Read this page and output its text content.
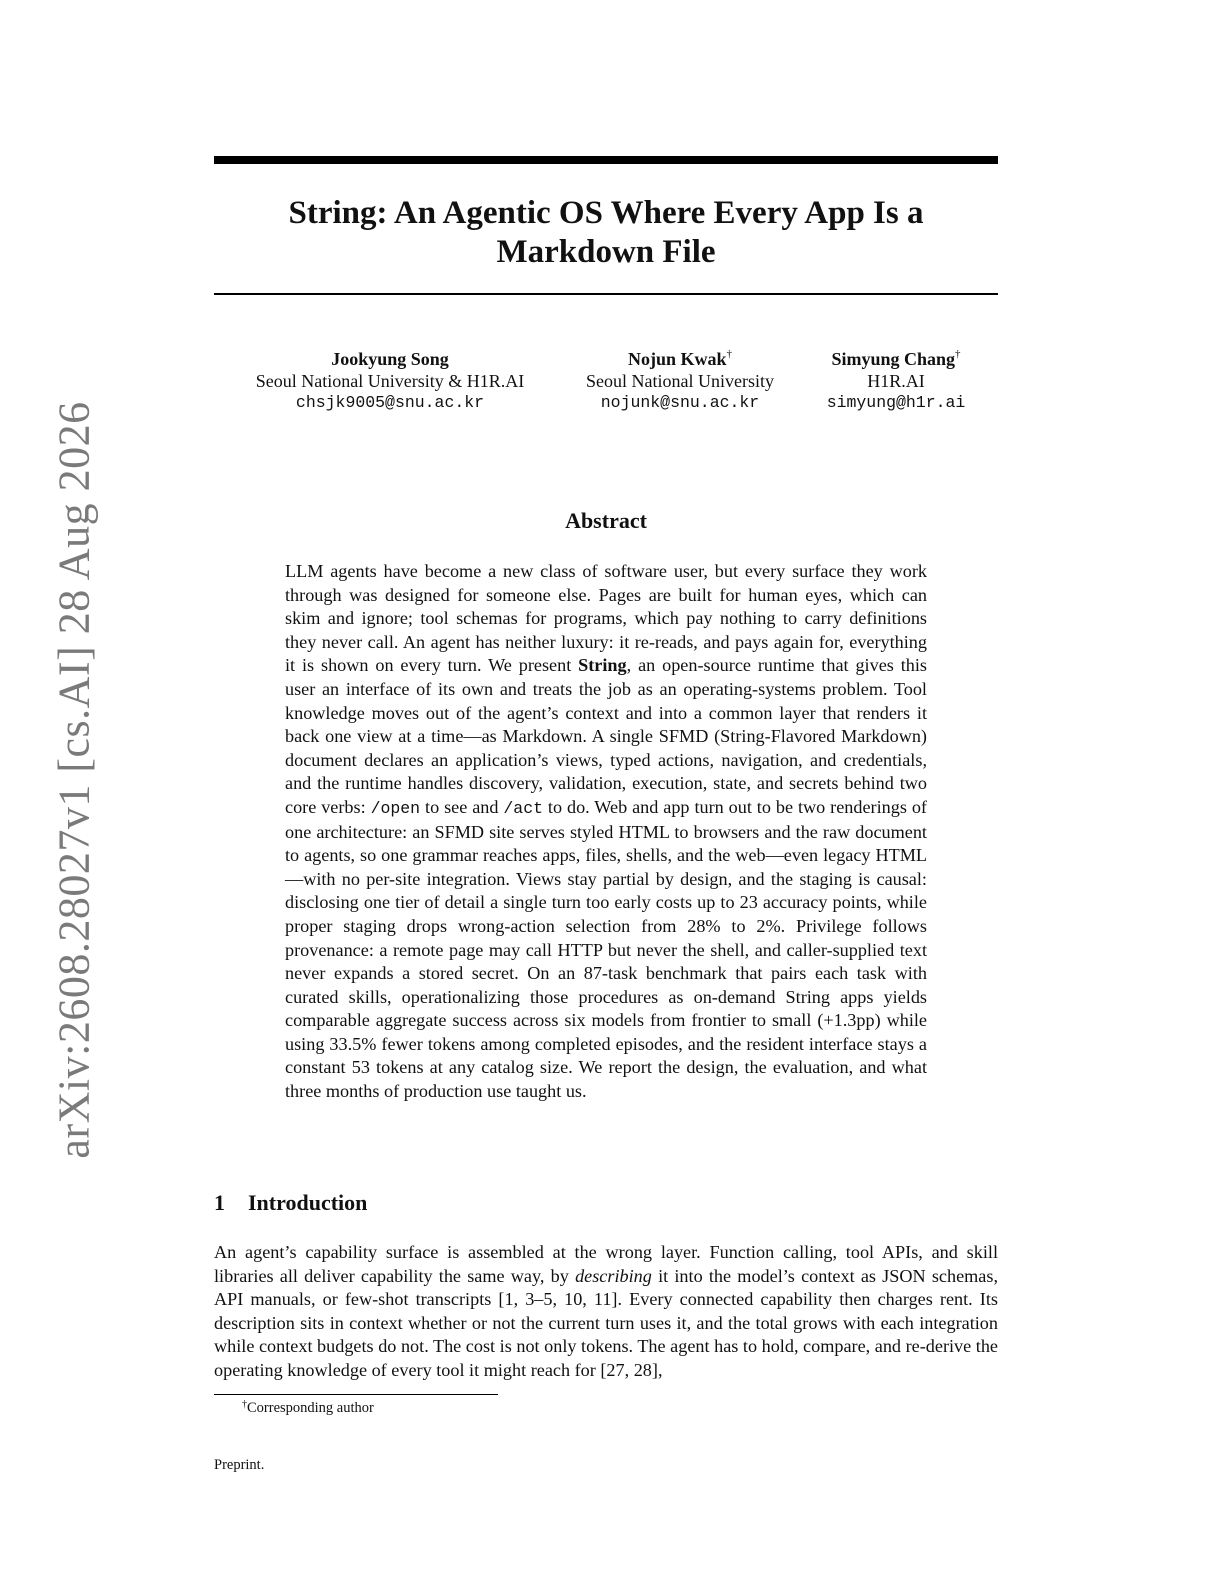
arXiv:2608.28027v1 [cs.AI] 28 Aug 2026
String: An Agentic OS Where Every App Is a Markdown File
Jookyung Song
Seoul National University & H1R.AI
chsjk9005@snu.ac.kr
Nojun Kwak†
Seoul National University
nojunk@snu.ac.kr
Simyung Chang†
H1R.AI
simyung@h1r.ai
Abstract

LLM agents have become a new class of software user, but every surface they work through was designed for someone else. Pages are built for human eyes, which can skim and ignore; tool schemas for programs, which pay nothing to carry definitions they never call. An agent has neither luxury: it re-reads, and pays again for, everything it is shown on every turn. We present String, an open-source runtime that gives this user an interface of its own and treats the job as an operating-systems problem. Tool knowledge moves out of the agent’s context and into a common layer that renders it back one view at a time—as Markdown. A single SFMD (String-Flavored Markdown) document declares an application’s views, typed actions, navigation, and credentials, and the runtime handles discovery, validation, execution, state, and secrets behind two core verbs: /open to see and /act to do. Web and app turn out to be two renderings of one architecture: an SFMD site serves styled HTML to browsers and the raw document to agents, so one grammar reaches apps, files, shells, and the web—even legacy HTML—with no per-site integration. Views stay partial by design, and the staging is causal: disclosing one tier of detail a single turn too early costs up to 23 accuracy points, while proper staging drops wrong-action selection from 28% to 2%. Privilege follows provenance: a remote page may call HTTP but never the shell, and caller-supplied text never expands a stored secret. On an 87-task benchmark that pairs each task with curated skills, operationalizing those procedures as on-demand String apps yields comparable aggregate success across six models from frontier to small (+1.3pp) while using 33.5% fewer tokens among completed episodes, and the resident interface stays a constant 53 tokens at any catalog size. We report the design, the evaluation, and what three months of production use taught us.

1 Introduction

An agent’s capability surface is assembled at the wrong layer. Function calling, tool APIs, and skill libraries all deliver capability the same way, by describing it into the model’s context as JSON schemas, API manuals, or few-shot transcripts [1, 3–5, 10, 11]. Every connected capability then charges rent. Its description sits in context whether or not the current turn uses it, and the total grows with each integration while context budgets do not. The cost is not only tokens. The agent has to hold, compare, and re-derive the operating knowledge of every tool it might reach for [27, 28],

†Corresponding author
Preprint.
